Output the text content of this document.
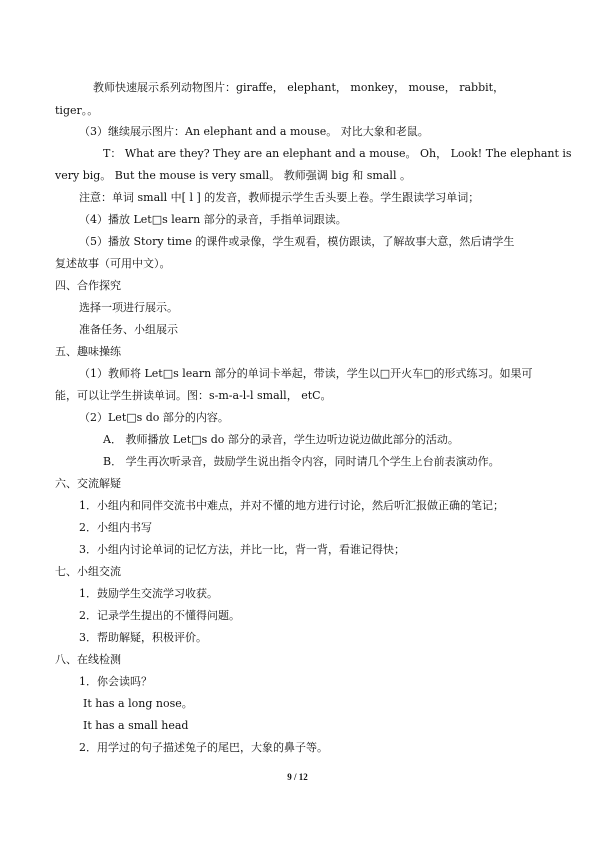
教师快速展示系列动物图片：giraffe， elephant， monkey， mouse， rabbit，
tiger。。
（3）继续展示图片：An elephant and a mouse。 对比大象和老鼠。
T： What are they? They are an elephant and a mouse。 Oh， Look! The elephant is
very big。 But the mouse is very small。 教师强调 big 和 small 。
注意：单词 small 中[ l ] 的发音，教师提示学生舌头要上卷。学生跟读学习单词；
（4）播放 Let□s learn 部分的录音，手指单词跟读。
（5）播放 Story time 的课件或录像，学生观看，模仿跟读，了解故事大意，然后请学生
复述故事（可用中文）。
四、合作探究
选择一项进行展示。
准备任务、小组展示
五、趣味操练
（1）教师将 Let□s learn 部分的单词卡举起，带读，学生以□开火车□的形式练习。如果可
能，可以让学生拼读单词。图：s-m-a-l-l small， etC。
（2）Let□s do 部分的内容。
A． 教师播放 Let□s do 部分的录音，学生边听边说边做此部分的活动。
B． 学生再次听录音，鼓励学生说出指令内容，同时请几个学生上台前表演动作。
六、交流解疑
1．小组内和同伴交流书中难点，并对不懂的地方进行讨论，然后听汇报做正确的笔记；
2．小组内书写
3．小组内讨论单词的记忆方法，并比一比，背一背，看谁记得快；
七、小组交流
1．鼓励学生交流学习收获。
2．记录学生提出的不懂得问题。
3．帮助解疑，积极评价。
八、在线检测
1．你会读吗？
It has a long nose。
It has a small head
2．用学过的句子描述兔子的尾巴，大象的鼻子等。
9 / 12
